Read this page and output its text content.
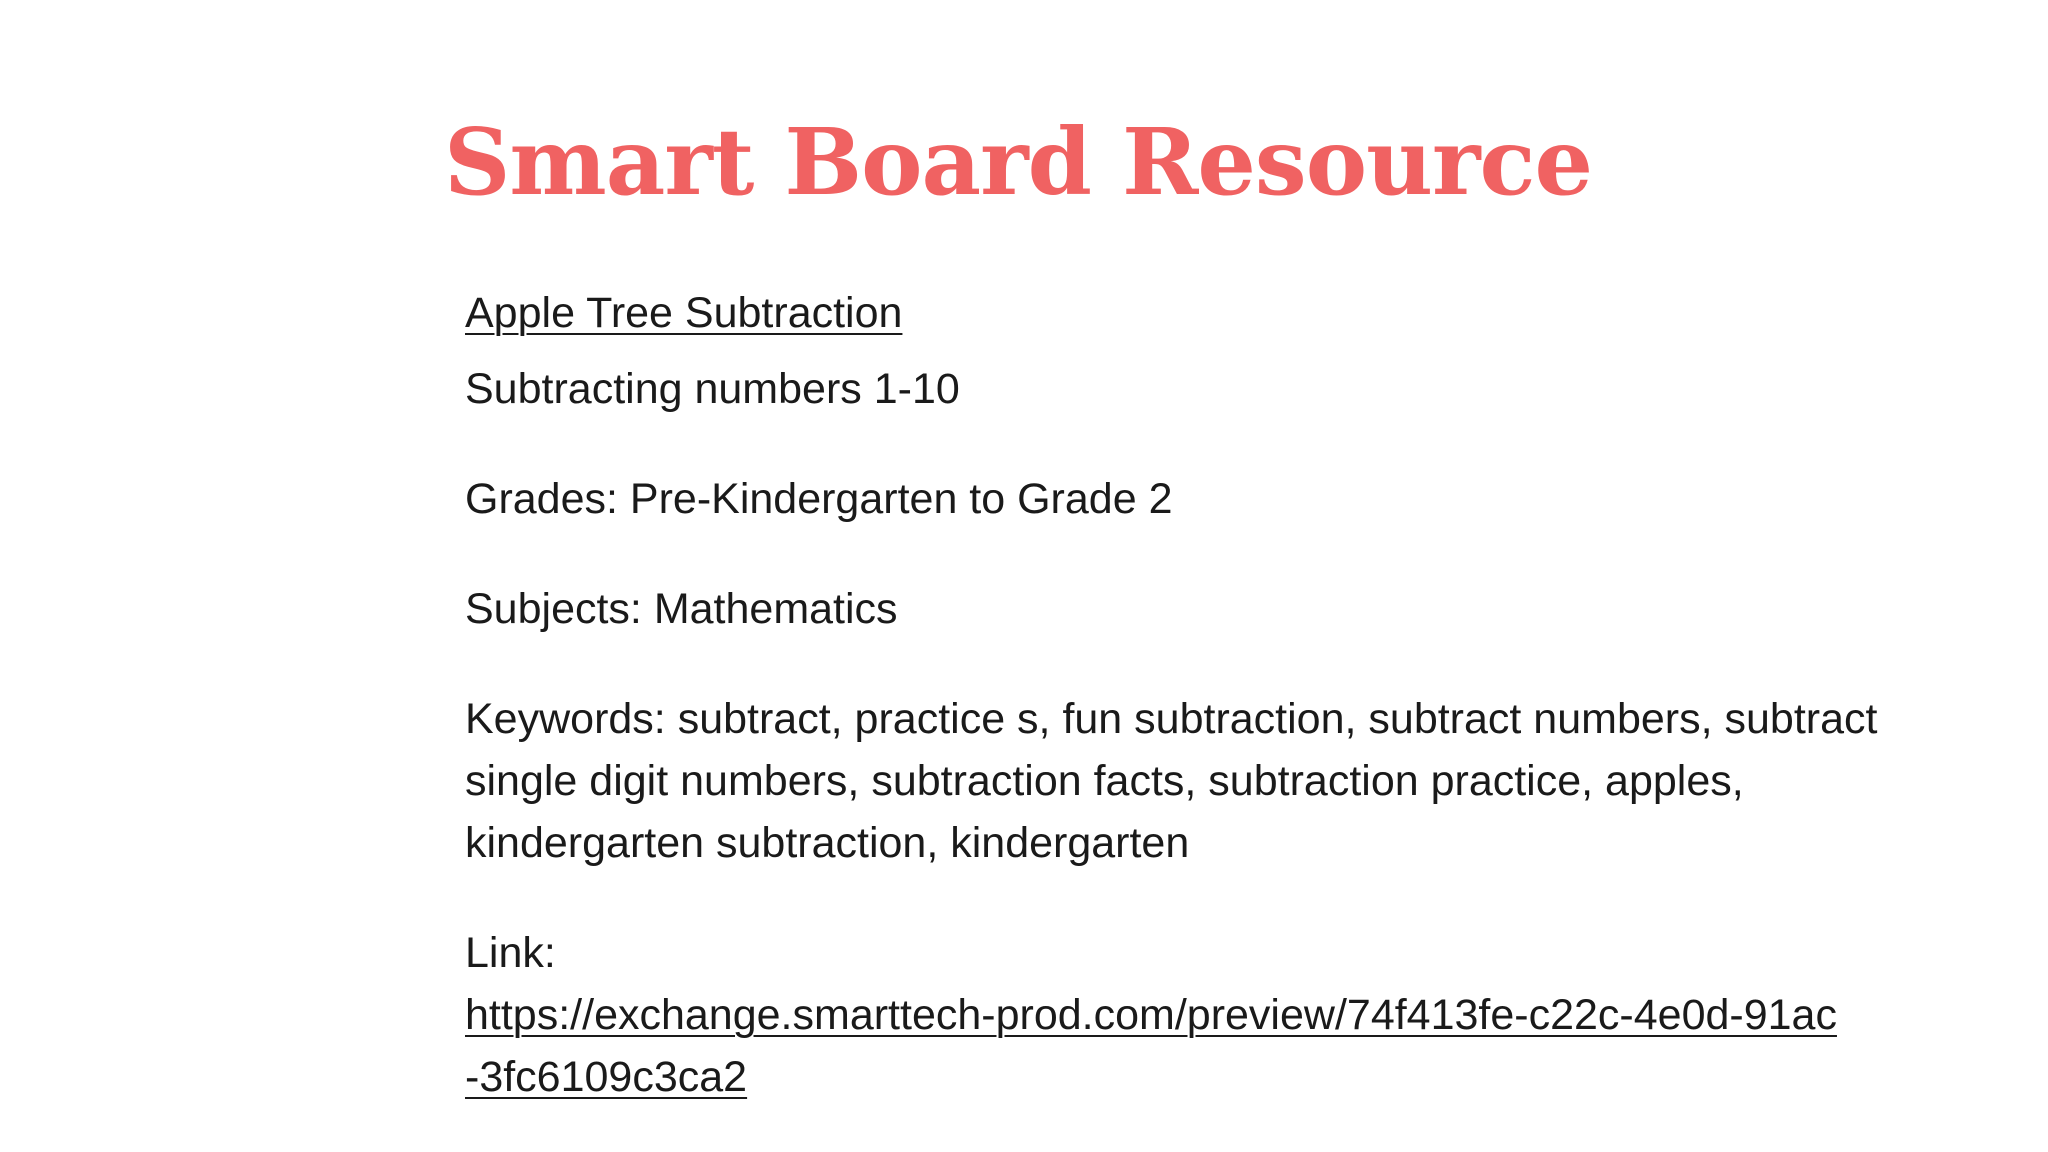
Smart Board Resource

Apple Tree Subtraction

Subtracting numbers 1-10

Grades: Pre-Kindergarten to Grade 2

Subjects: Mathematics

Keywords: subtract, practice s, fun subtraction, subtract numbers, subtract single digit numbers, subtraction facts, subtraction practice, apples, kindergarten subtraction, kindergarten

Link:

https://exchange.smarttech-prod.com/preview/74f413fe-c22c-4e0d-91ac-3fc6109c3ca2
